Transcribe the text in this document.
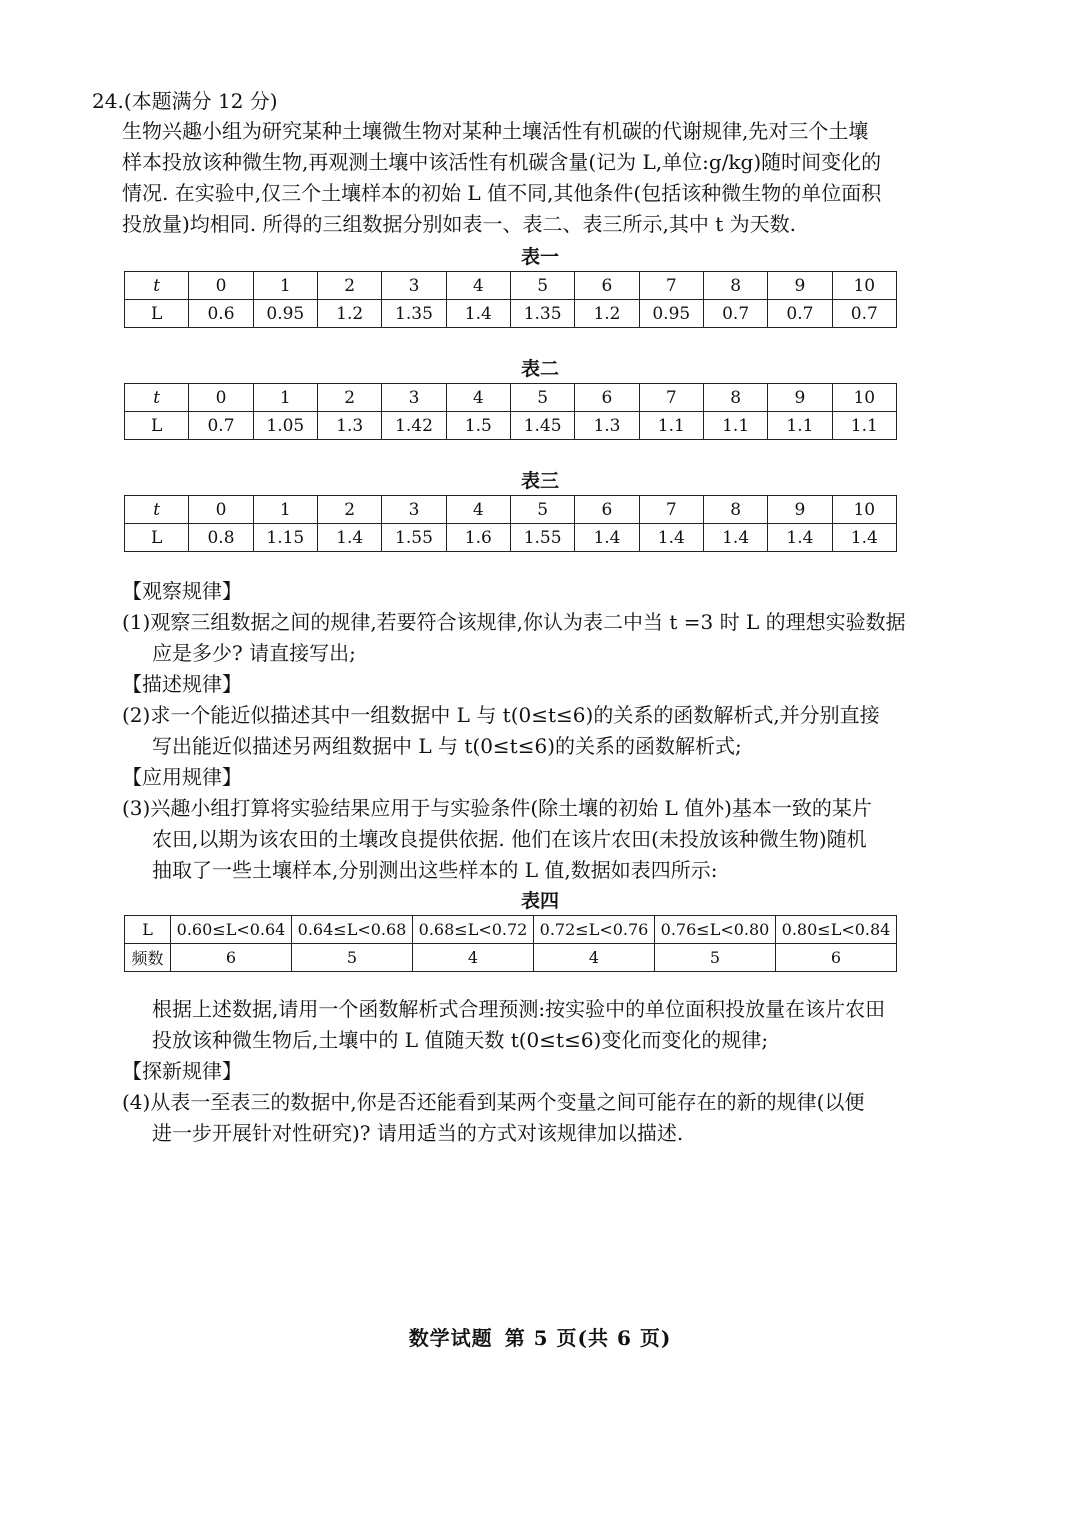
24.(本题满分 12 分)
生物兴趣小组为研究某种土壤微生物对某种土壤活性有机碳的代谢规律,先对三个土壤
样本投放该种微生物,再观测土壤中该活性有机碳含量(记为 L,单位:g/kg)随时间变化的
情况. 在实验中,仅三个土壤样本的初始 L 值不同,其他条件(包括该种微生物的单位面积
投放量)均相同. 所得的三组数据分别如表一、表二、表三所示,其中 t 为天数.
表一
t	0	1	2	3	4	5	6	7	8	9	10
L	0.6	0.95	1.2	1.35	1.4	1.35	1.2	0.95	0.7	0.7	0.7
表二
t	0	1	2	3	4	5	6	7	8	9	10
L	0.7	1.05	1.3	1.42	1.5	1.45	1.3	1.1	1.1	1.1	1.1
表三
t	0	1	2	3	4	5	6	7	8	9	10
L	0.8	1.15	1.4	1.55	1.6	1.55	1.4	1.4	1.4	1.4	1.4
【观察规律】
(1)观察三组数据之间的规律,若要符合该规律,你认为表二中当 t =3 时 L 的理想实验数据
应是多少? 请直接写出;
【描述规律】
(2)求一个能近似描述其中一组数据中 L 与 t(0≤t≤6)的关系的函数解析式,并分别直接
写出能近似描述另两组数据中 L 与 t(0≤t≤6)的关系的函数解析式;
【应用规律】
(3)兴趣小组打算将实验结果应用于与实验条件(除土壤的初始 L 值外)基本一致的某片
农田,以期为该农田的土壤改良提供依据. 他们在该片农田(未投放该种微生物)随机
抽取了一些土壤样本,分别测出这些样本的 L 值,数据如表四所示:
表四
L	0.60≤L<0.64	0.64≤L<0.68	0.68≤L<0.72	0.72≤L<0.76	0.76≤L<0.80	0.80≤L<0.84
频数	6	5	4	4	5	6
根据上述数据,请用一个函数解析式合理预测:按实验中的单位面积投放量在该片农田
投放该种微生物后,土壤中的 L 值随天数 t(0≤t≤6)变化而变化的规律;
【探新规律】
(4)从表一至表三的数据中,你是否还能看到某两个变量之间可能存在的新的规律(以便
进一步开展针对性研究)? 请用适当的方式对该规律加以描述.
数学试题 第 5 页(共 6 页)
